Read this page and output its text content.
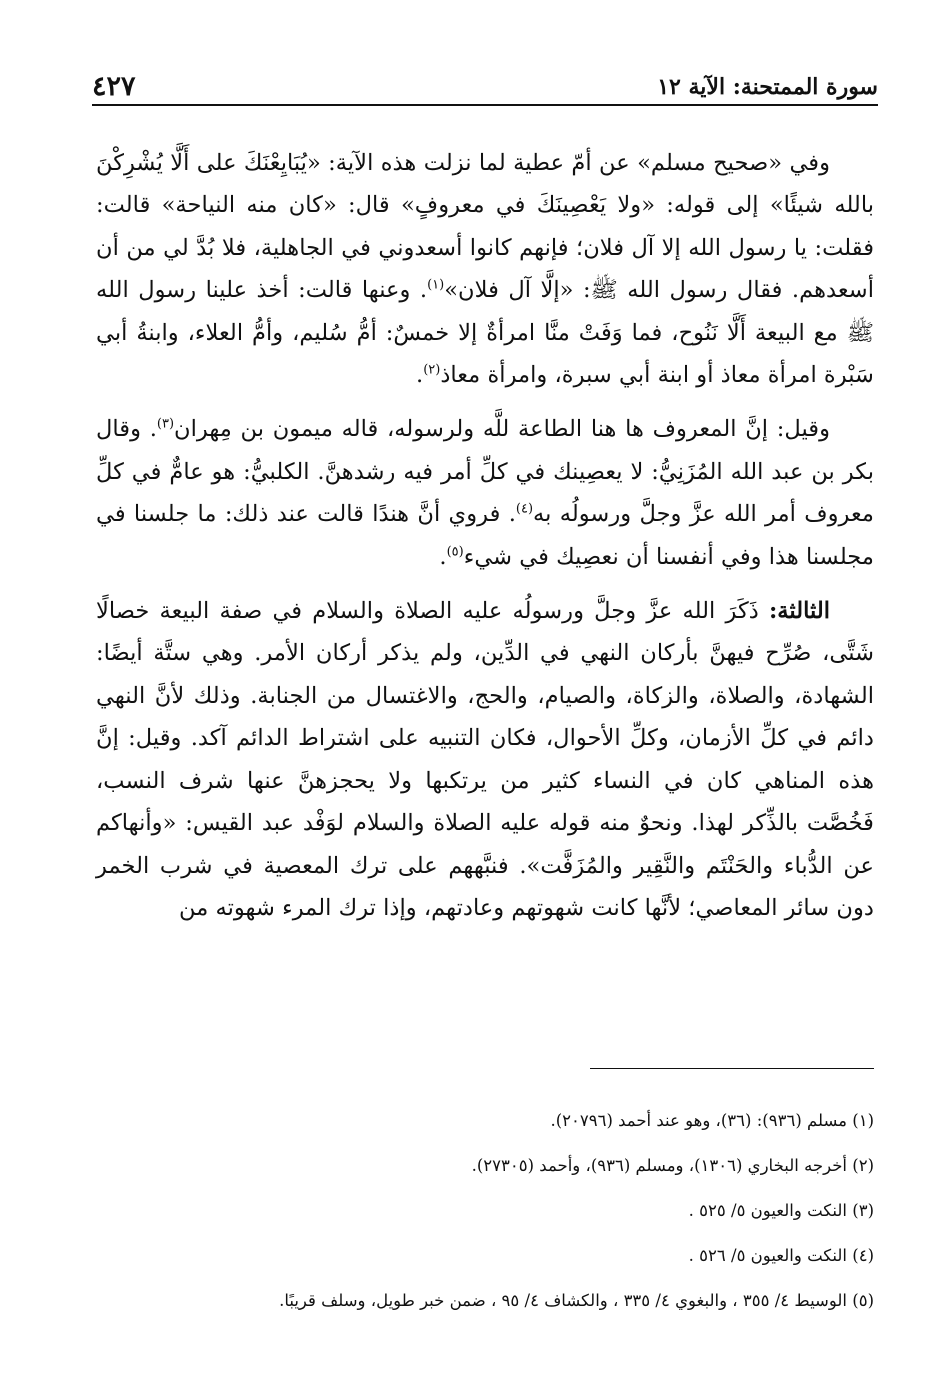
سورة الممتحنة: الآية ١٢
٤٢٧

وفي «صحيح مسلم» عن أمّ عطية لما نزلت هذه الآية: «يُبَايِعْنَكَ على أَلَّا يُشْرِكْنَ بالله شيئًا» إلى قوله: «ولا يَعْصِينَكَ في معروفٍ» قال: «كان منه النياحة» قالت: فقلت: يا رسول الله إلا آل فلان؛ فإنهم كانوا أسعدوني في الجاهلية، فلا بُدَّ لي من أن أسعدهم. فقال رسول الله ﷺ: «إلَّا آل فلان»$^{(١)}$. وعنها قالت: أخذ علينا رسول الله ﷺ مع البيعة أَلَّا نَنُوح، فما وَفَتْ منَّا امرأةٌ إلا خمسٌ: أمُّ سُليم، وأمُّ العلاء، وابنةُ أبي سَبْرة امرأة معاذ أو ابنة أبي سبرة، وامرأة معاذ$^{(٢)}$.

وقيل: إنَّ المعروف ها هنا الطاعة للَّه ولرسوله، قاله ميمون بن مِهران$^{(٣)}$. وقال بكر بن عبد الله المُزَنِيُّ: لا يعصِينك في كلِّ أمر فيه رشدهنَّ. الكلبيُّ: هو عامٌّ في كلِّ معروف أمر الله عزَّ وجلَّ ورسولُه به$^{(٤)}$. فروي أنَّ هندًا قالت عند ذلك: ما جلسنا في مجلسنا هذا وفي أنفسنا أن نعصِيك في شيء$^{(٥)}$.

الثالثة: ذَكَرَ الله عزَّ وجلَّ ورسولُه عليه الصلاة والسلام في صفة البيعة خصالًا شَتَّى، صُرِّح فيهنَّ بأركان النهي في الدِّين، ولم يذكر أركان الأمر. وهي ستَّة أيضًا: الشهادة، والصلاة، والزكاة، والصيام، والحج، والاغتسال من الجنابة. وذلك لأنَّ النهي دائم في كلِّ الأزمان، وكلِّ الأحوال، فكان التنبيه على اشتراط الدائم آكد. وقيل: إنَّ هذه المناهي كان في النساء كثير من يرتكبها ولا يحجزهنَّ عنها شرف النسب، فَخُصَّت بالذِّكر لهذا. ونحوٌ منه قوله عليه الصلاة والسلام لوَفْد عبد القيس: «وأنهاكم عن الدُّباء والحَنْتَم والنَّقِير والمُزَفَّت». فنبَّههم على ترك المعصية في شرب الخمر دون سائر المعاصي؛ لأنَّها كانت شهوتهم وعادتهم، وإذا ترك المرء شهوته من

(١) مسلم (٩٣٦): (٣٦)، وهو عند أحمد (٢٠٧٩٦).
(٢) أخرجه البخاري (١٣٠٦)، ومسلم (٩٣٦)، وأحمد (٢٧٣٠٥).
(٣) النكت والعيون ٥/ ٥٢٥ .
(٤) النكت والعيون ٥/ ٥٢٦ .
(٥) الوسيط ٤/ ٣٥٥ ، والبغوي ٤/ ٣٣٥ ، والكشاف ٤/ ٩٥ ، ضمن خبر طويل، وسلف قريبًا.
